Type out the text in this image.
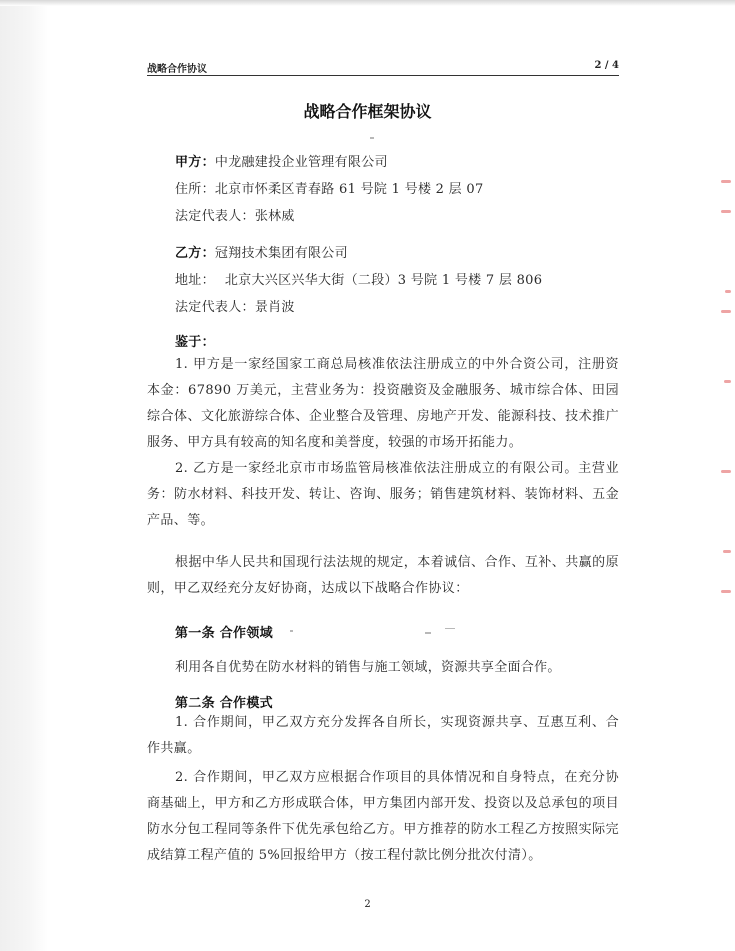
战略合作协议	2 / 4
战略合作框架协议
甲方：中龙融建投企业管理有限公司
住所：北京市怀柔区青春路 61 号院 1 号楼 2 层 07
法定代表人：张林威
乙方：冠翔技术集团有限公司
地址： 北京大兴区兴华大街（二段）3 号院 1 号楼 7 层 806
法定代表人：景肖波
鉴于：

1. 甲方是一家经国家工商总局核准依法注册成立的中外合资公司，注册资本金：67890 万美元，主营业务为：投资融资及金融服务、城市综合体、田园综合体、文化旅游综合体、企业整合及管理、房地产开发、能源科技、技术推广服务、甲方具有较高的知名度和美誉度，较强的市场开拓能力。

2. 乙方是一家经北京市市场监管局核准依法注册成立的有限公司。主营业务：防水材料、科技开发、转让、咨询、服务；销售建筑材料、装饰材料、五金产品、等。

根据中华人民共和国现行法法规的规定，本着诚信、合作、互补、共赢的原则，甲乙双经充分友好协商，达成以下战略合作协议：

第一条 合作领域
利用各自优势在防水材料的销售与施工领域，资源共享全面合作。
第二条 合作模式

1. 合作期间，甲乙双方充分发挥各自所长，实现资源共享、互惠互利、合作共赢。

2. 合作期间，甲乙双方应根据合作项目的具体情况和自身特点，在充分协商基础上，甲方和乙方形成联合体，甲方集团内部开发、投资以及总承包的项目防水分包工程同等条件下优先承包给乙方。甲方推荐的防水工程乙方按照实际完成结算工程产值的 5%回报给甲方（按工程付款比例分批次付清）。

2
